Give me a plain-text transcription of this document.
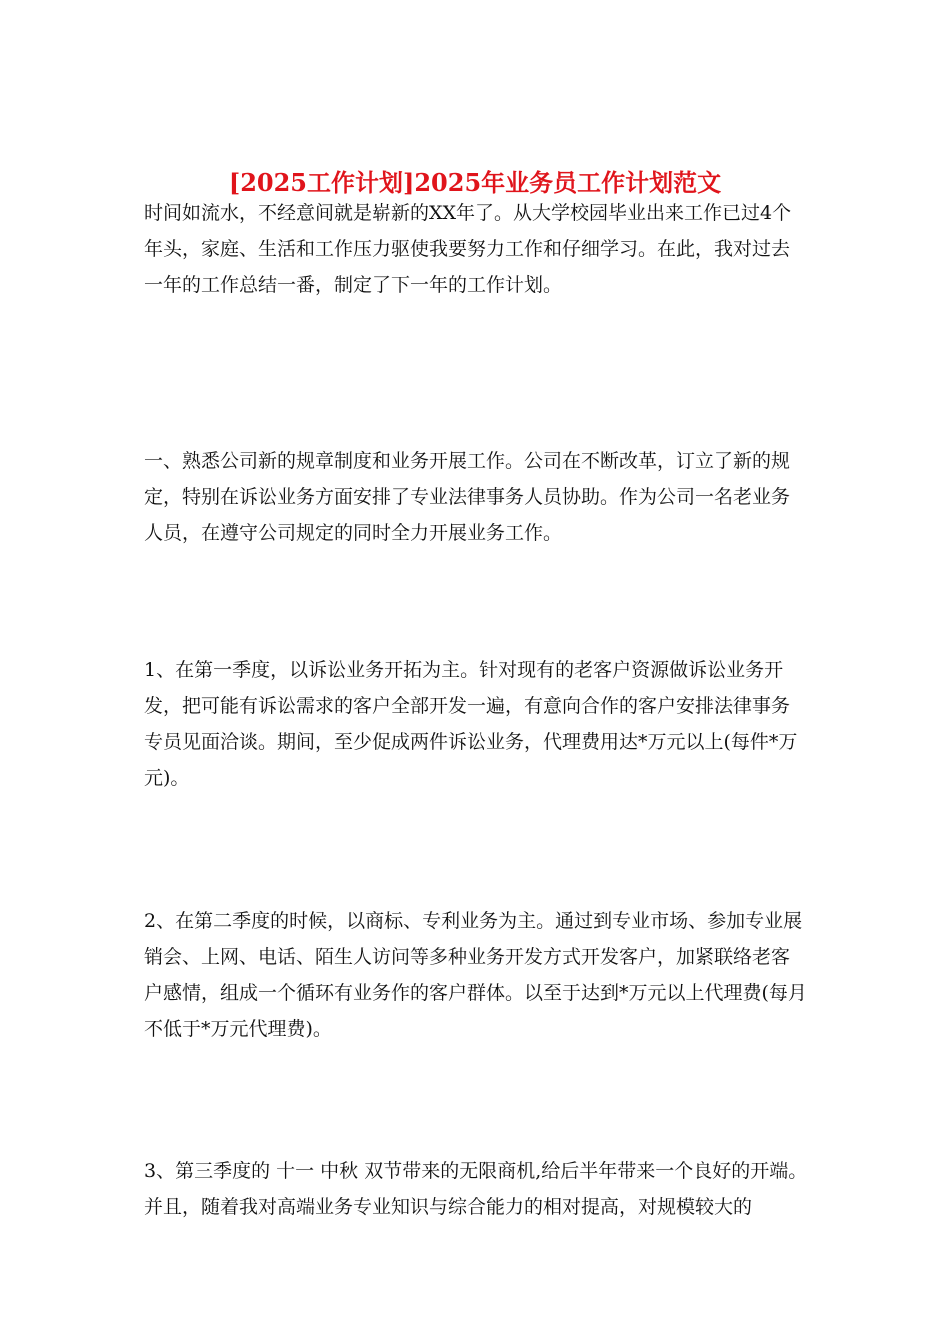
[2025工作计划]2025年业务员工作计划范文

时间如流水，不经意间就是崭新的XX年了。从大学校园毕业出来工作已过4个年头，家庭、生活和工作压力驱使我要努力工作和仔细学习。在此，我对过去一年的工作总结一番，制定了下一年的工作计划。

一、熟悉公司新的规章制度和业务开展工作。公司在不断改革，订立了新的规定，特别在诉讼业务方面安排了专业法律事务人员协助。作为公司一名老业务人员，在遵守公司规定的同时全力开展业务工作。

1、在第一季度，以诉讼业务开拓为主。针对现有的老客户资源做诉讼业务开发，把可能有诉讼需求的客户全部开发一遍，有意向合作的客户安排法律事务专员见面洽谈。期间，至少促成两件诉讼业务，代理费用达*万元以上(每件*万元)。

2、在第二季度的时候，以商标、专利业务为主。通过到专业市场、参加专业展销会、上网、电话、陌生人访问等多种业务开发方式开发客户，加紧联络老客户感情，组成一个循环有业务作的客户群体。以至于达到*万元以上代理费(每月不低于*万元代理费)。

3、第三季度的 十一 中秋 双节带来的无限商机,给后半年带来一个良好的开端。并且，随着我对高端业务专业知识与综合能力的相对提高，对规模较大的
